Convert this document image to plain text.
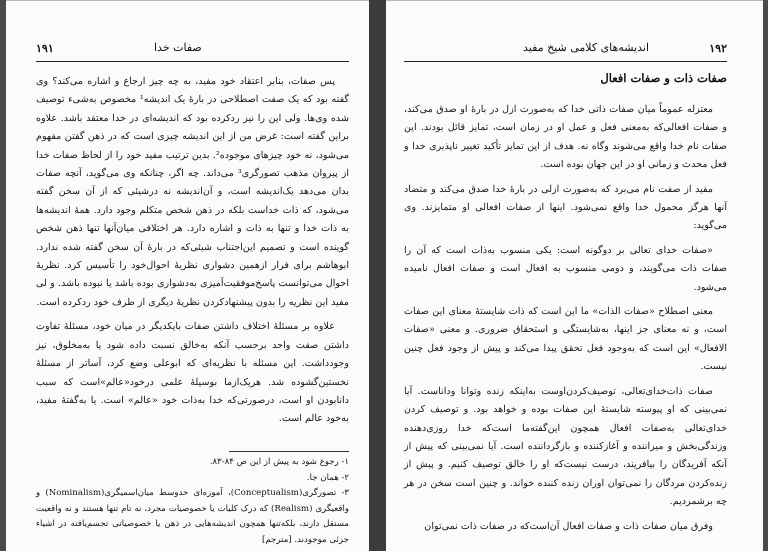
۱۹۱	صفات خدا

پس صفات، بنابر اعتقاد خود مفید، به چه چیز ارجاع و اشاره می‌کند؟ وی گفته بود که یک صفت اصطلاحی در باره‌ٔ یک اندیشه¹ مخصوص به‌شیء توصیف شده وی‌ها. ولی این را نیز ردکرده بود که اندیشه‌ای در خدا معتقد باشد. علاوه براین گفته است: غرض من از این اندیشه چیزی است که در ذهن گفتن مفهوم می‌شود، نه خود چیزهای موجوده². بدین ترتیب مفید خود را از لحاظ صفات خدا از پیروان مذهب تصورگری³ می‌داند. چه اگر، چنانکه وی می‌گوید، آنچه صفات بدان می‌دهد یک‌اندیشه است، و آن‌اندیشه نه درشیئی که از آن سخن گفته می‌شود، که ذات خداست بلکه در ذهن شخص متکلم وجود دارد. همهٔ اندیشه‌ها به ذات خدا و تنها به ذات و اشاره دارد. هر اختلافی میان‌آنها تنها ذهن شخص گوینده است و تصمیم این‌اجتناب شیئی‌که در باره‌ٔ آن سخن گفته شده ندارد. ابوهاشم برای فرار ازهمین دشواری نظریه‌ٔ احوال‌خود را تأسیس کرد. نظریه‌ٔ احوال می‌توانست پاسخ‌موفقیت‌آمیزی به‌دشواری بوده باشد یا نبوده باشد. و لی مفید این نظریه را بدون پیشنهادکردن نظریه‌ٔ دیگری از طرف خود ردکرده است.

علاوه بر مسئله‌ٔ اختلاف داشتن صفات بایکدیگر در میان خود، مسئله‌ٔ تفاوت داشتن صفت واحد برحسب آنکه به‌خالق نسبت داده شود یا به‌مخلوق، نیز وجودداشت. این مسئله با نظریه‌ای که ابوعلی وضع کرد، آساتر از مسئله‌ٔ نخستین‌گشوده شد. هریک‌ازما بوسیله‌ٔ علمی درخود«عالم»است که سبب دانابودن او است، درصورتی‌که خدا به‌ذات خود «عالم» است. یا به‌گفته‌ٔ مفید، به‌خود عالم است.

۱- رجوع شود به پیش از این ص ۸۴-۸۳.

۲- همان جا.

۳- تصورگری(Conceptualism)، آموزه‌ای حدوسط میان‌اسمیگری(Nominalism) و واقعیگری (Realism) که درک کلیات یا خصوصیات مجرد، نه تام تنها هستند و نه واقعیت مستقل دارند، بلکه‌تنها همچون اندیشه‌هایی در ذهن یا خصوصیاتی تجسم‌یافته در اشیاء جزئی موجودند. [مترجم]

۱۹۲
اندیشه‌های کلامی شیخ مفید
صفات ذات و صفات افعال

معتزله عموماً میان صفات ذاتی خدا که به‌صورت ازل در باره‌ٔ او صدق می‌کند، و صفات افعالی‌که به‌معنی فعل و عمل او در زمان است، تمایز قائل بودند. این صفات نام خدا واقع می‌شوند وگاه نه. هدف از این تمایز تأکید تغییر ناپذیری خدا و فعل محدث و زمانی او در این جهان بوده است.

مفید از صفت نام می‌برد که به‌صورت ازلی در باره‌ٔ خدا صدق می‌کند و متضاد آنها هرگز محمول خدا واقع نمی‌شود. اینها از صفات افعالی او متمایزند. وی می‌گوید:

«صفات خدای تعالی بر دوگونه است: یکی منسوب به‌ذات است که آن را صفات ذات می‌گویند، و دومی منسوب به افعال است و صفات افعال نامیده می‌شود.

معنی اصطلاح «صفات الذات» ما این است که ذات شایسته‌ٔ معنای این صفات است، و نه معنای جز اینها، به‌شایستگی و استحقاق ضروری. و معنی «صفات الافعال» این است که به‌وجود فعل تحقق پیدا می‌کند و پیش از وجود فعل چنین نیست.

صفات ذات‌خدای‌تعالی، توصیف‌کردن‌اوست به‌اینکه زنده وتوانا وداناست. آیا نمی‌بینی که او پیوسته شایسته‌ٔ این صفات بوده و خواهد بود. و توصیف کردن خدای‌تعالی به‌صفات افعال همچون این‌گفته‌ما است‌که خدا روزی‌دهنده وزندگی‌بخش و میراننده و آغازکننده و بازگرداننده است. آیا نمی‌بینی که پیش از آنکه آفریدگان را بیافریند، درست نیست‌که او را خالق توصیف کنیم. و پیش از زنده‌کردن مردگان را نمی‌توان اوران زنده کننده خواند. و چنین است سخن در هر چه برشمردیم.

وفرق میان صفات ذات و صفات افعال آن‌است‌که در صفات ذات نمی‌توان
